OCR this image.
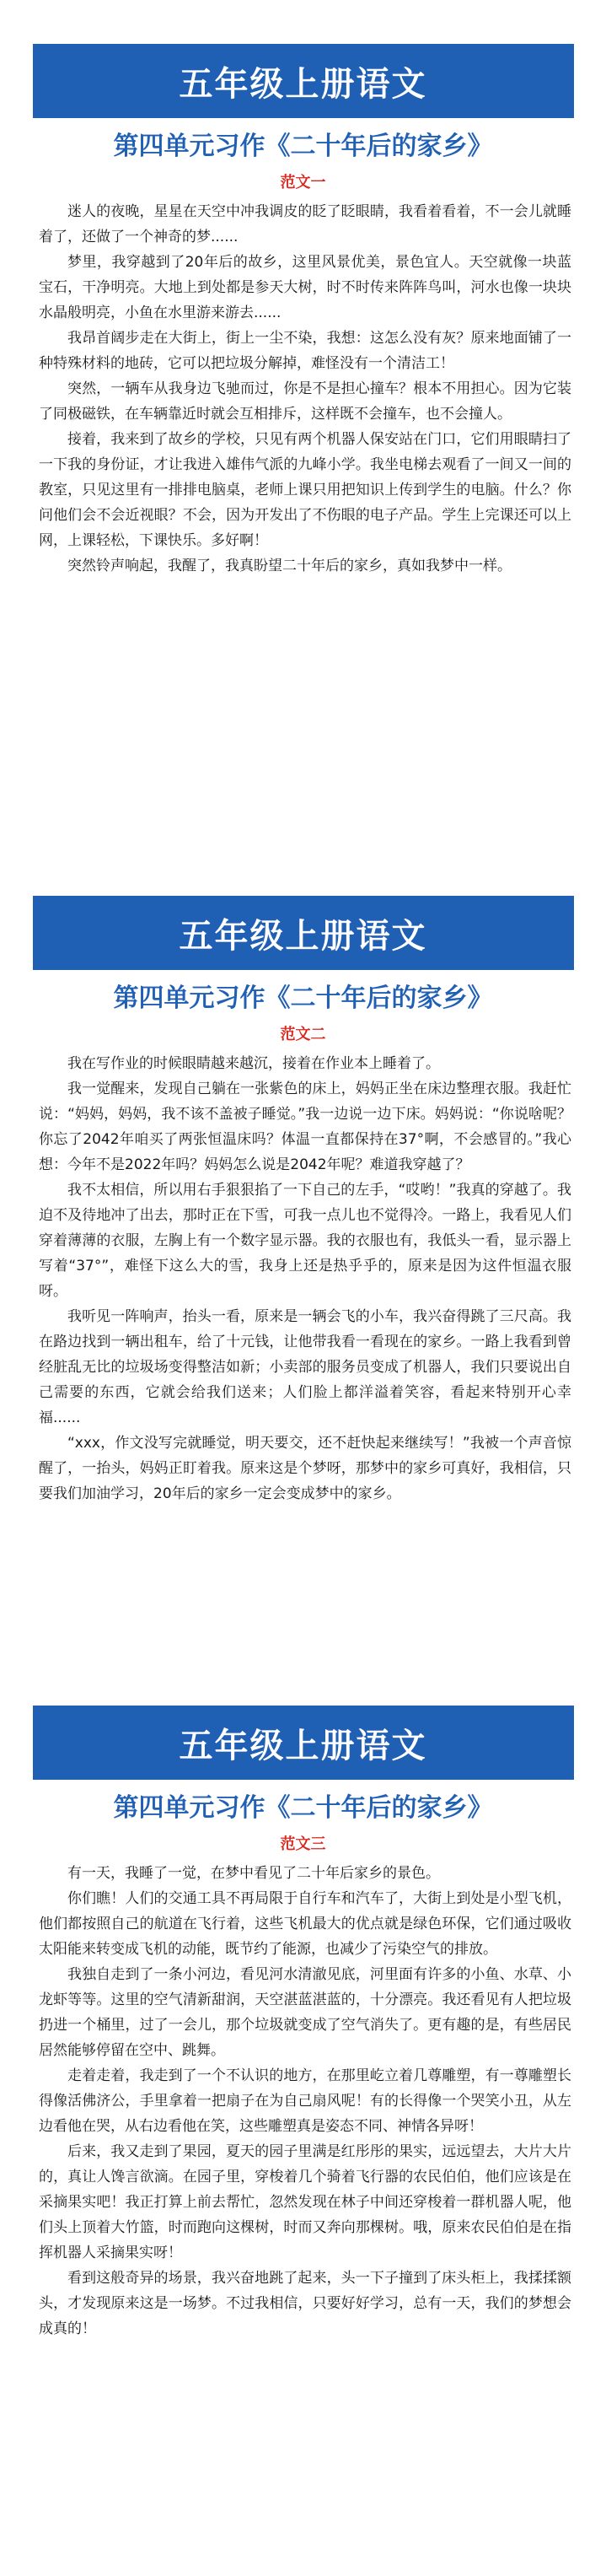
五年级上册语文
第四单元习作《二十年后的家乡》
范文一

迷人的夜晚，星星在天空中冲我调皮的眨了眨眼睛，我看着看着，不一会儿就睡着了，还做了一个神奇的梦......

梦里，我穿越到了20年后的故乡，这里风景优美，景色宜人。天空就像一块蓝宝石，干净明亮。大地上到处都是参天大树，时不时传来阵阵鸟叫，河水也像一块块水晶般明亮，小鱼在水里游来游去......

我昂首阔步走在大街上，街上一尘不染，我想：这怎么没有灰？原来地面铺了一种特殊材料的地砖，它可以把垃圾分解掉，难怪没有一个清洁工！

突然，一辆车从我身边飞驰而过，你是不是担心撞车？根本不用担心。因为它装了同极磁铁，在车辆靠近时就会互相排斥，这样既不会撞车，也不会撞人。

接着，我来到了故乡的学校，只见有两个机器人保安站在门口，它们用眼睛扫了一下我的身份证，才让我进入雄伟气派的九峰小学。我坐电梯去观看了一间又一间的教室，只见这里有一排排电脑桌，老师上课只用把知识上传到学生的电脑。什么？你问他们会不会近视眼？不会，因为开发出了不伤眼的电子产品。学生上完课还可以上网，上课轻松，下课快乐。多好啊！

突然铃声响起，我醒了，我真盼望二十年后的家乡，真如我梦中一样。

五年级上册语文
第四单元习作《二十年后的家乡》
范文二

我在写作业的时候眼睛越来越沉，接着在作业本上睡着了。

我一觉醒来，发现自己躺在一张紫色的床上，妈妈正坐在床边整理衣服。我赶忙说：“妈妈，妈妈，我不该不盖被子睡觉。”我一边说一边下床。妈妈说：“你说啥呢？你忘了2042年咱买了两张恒温床吗？体温一直都保持在37°啊，不会感冒的。”我心想：今年不是2022年吗？妈妈怎么说是2042年呢？难道我穿越了？

我不太相信，所以用右手狠狠掐了一下自己的左手，“哎哟！”我真的穿越了。我迫不及待地冲了出去，那时正在下雪，可我一点儿也不觉得冷。一路上，我看见人们穿着薄薄的衣服，左胸上有一个数字显示器。我的衣服也有，我低头一看，显示器上写着“37°”，难怪下这么大的雪，我身上还是热乎乎的，原来是因为这件恒温衣服呀。

我听见一阵响声，抬头一看，原来是一辆会飞的小车，我兴奋得跳了三尺高。我在路边找到一辆出租车，给了十元钱，让他带我看一看现在的家乡。一路上我看到曾经脏乱无比的垃圾场变得整洁如新；小卖部的服务员变成了机器人，我们只要说出自己需要的东西，它就会给我们送来；人们脸上都洋溢着笑容，看起来特别开心幸福......

“xxx，作文没写完就睡觉，明天要交，还不赶快起来继续写！”我被一个声音惊醒了，一抬头，妈妈正盯着我。原来这是个梦呀，那梦中的家乡可真好，我相信，只要我们加油学习，20年后的家乡一定会变成梦中的家乡。

五年级上册语文
第四单元习作《二十年后的家乡》
范文三

有一天，我睡了一觉，在梦中看见了二十年后家乡的景色。

你们瞧！人们的交通工具不再局限于自行车和汽车了，大街上到处是小型飞机，他们都按照自己的航道在飞行着，这些飞机最大的优点就是绿色环保，它们通过吸收太阳能来转变成飞机的动能，既节约了能源，也减少了污染空气的排放。

我独自走到了一条小河边，看见河水清澈见底，河里面有许多的小鱼、水草、小龙虾等等。这里的空气清新甜润，天空湛蓝湛蓝的，十分漂亮。我还看见有人把垃圾扔进一个桶里，过了一会儿，那个垃圾就变成了空气消失了。更有趣的是，有些居民居然能够停留在空中、跳舞。

走着走着，我走到了一个不认识的地方，在那里屹立着几尊雕塑，有一尊雕塑长得像活佛济公，手里拿着一把扇子在为自己扇风呢！有的长得像一个哭笑小丑，从左边看他在哭，从右边看他在笑，这些雕塑真是姿态不同、神情各异呀！

后来，我又走到了果园，夏天的园子里满是红彤彤的果实，远远望去，大片大片的，真让人馋言欲滴。在园子里，穿梭着几个骑着飞行器的农民伯伯，他们应该是在采摘果实吧！我正打算上前去帮忙，忽然发现在林子中间还穿梭着一群机器人呢，他们头上顶着大竹篮，时而跑向这棵树，时而又奔向那棵树。哦，原来农民伯伯是在指挥机器人采摘果实呀！

看到这般奇异的场景，我兴奋地跳了起来，头一下子撞到了床头柜上，我揉揉额头，才发现原来这是一场梦。不过我相信，只要好好学习，总有一天，我们的梦想会成真的！
